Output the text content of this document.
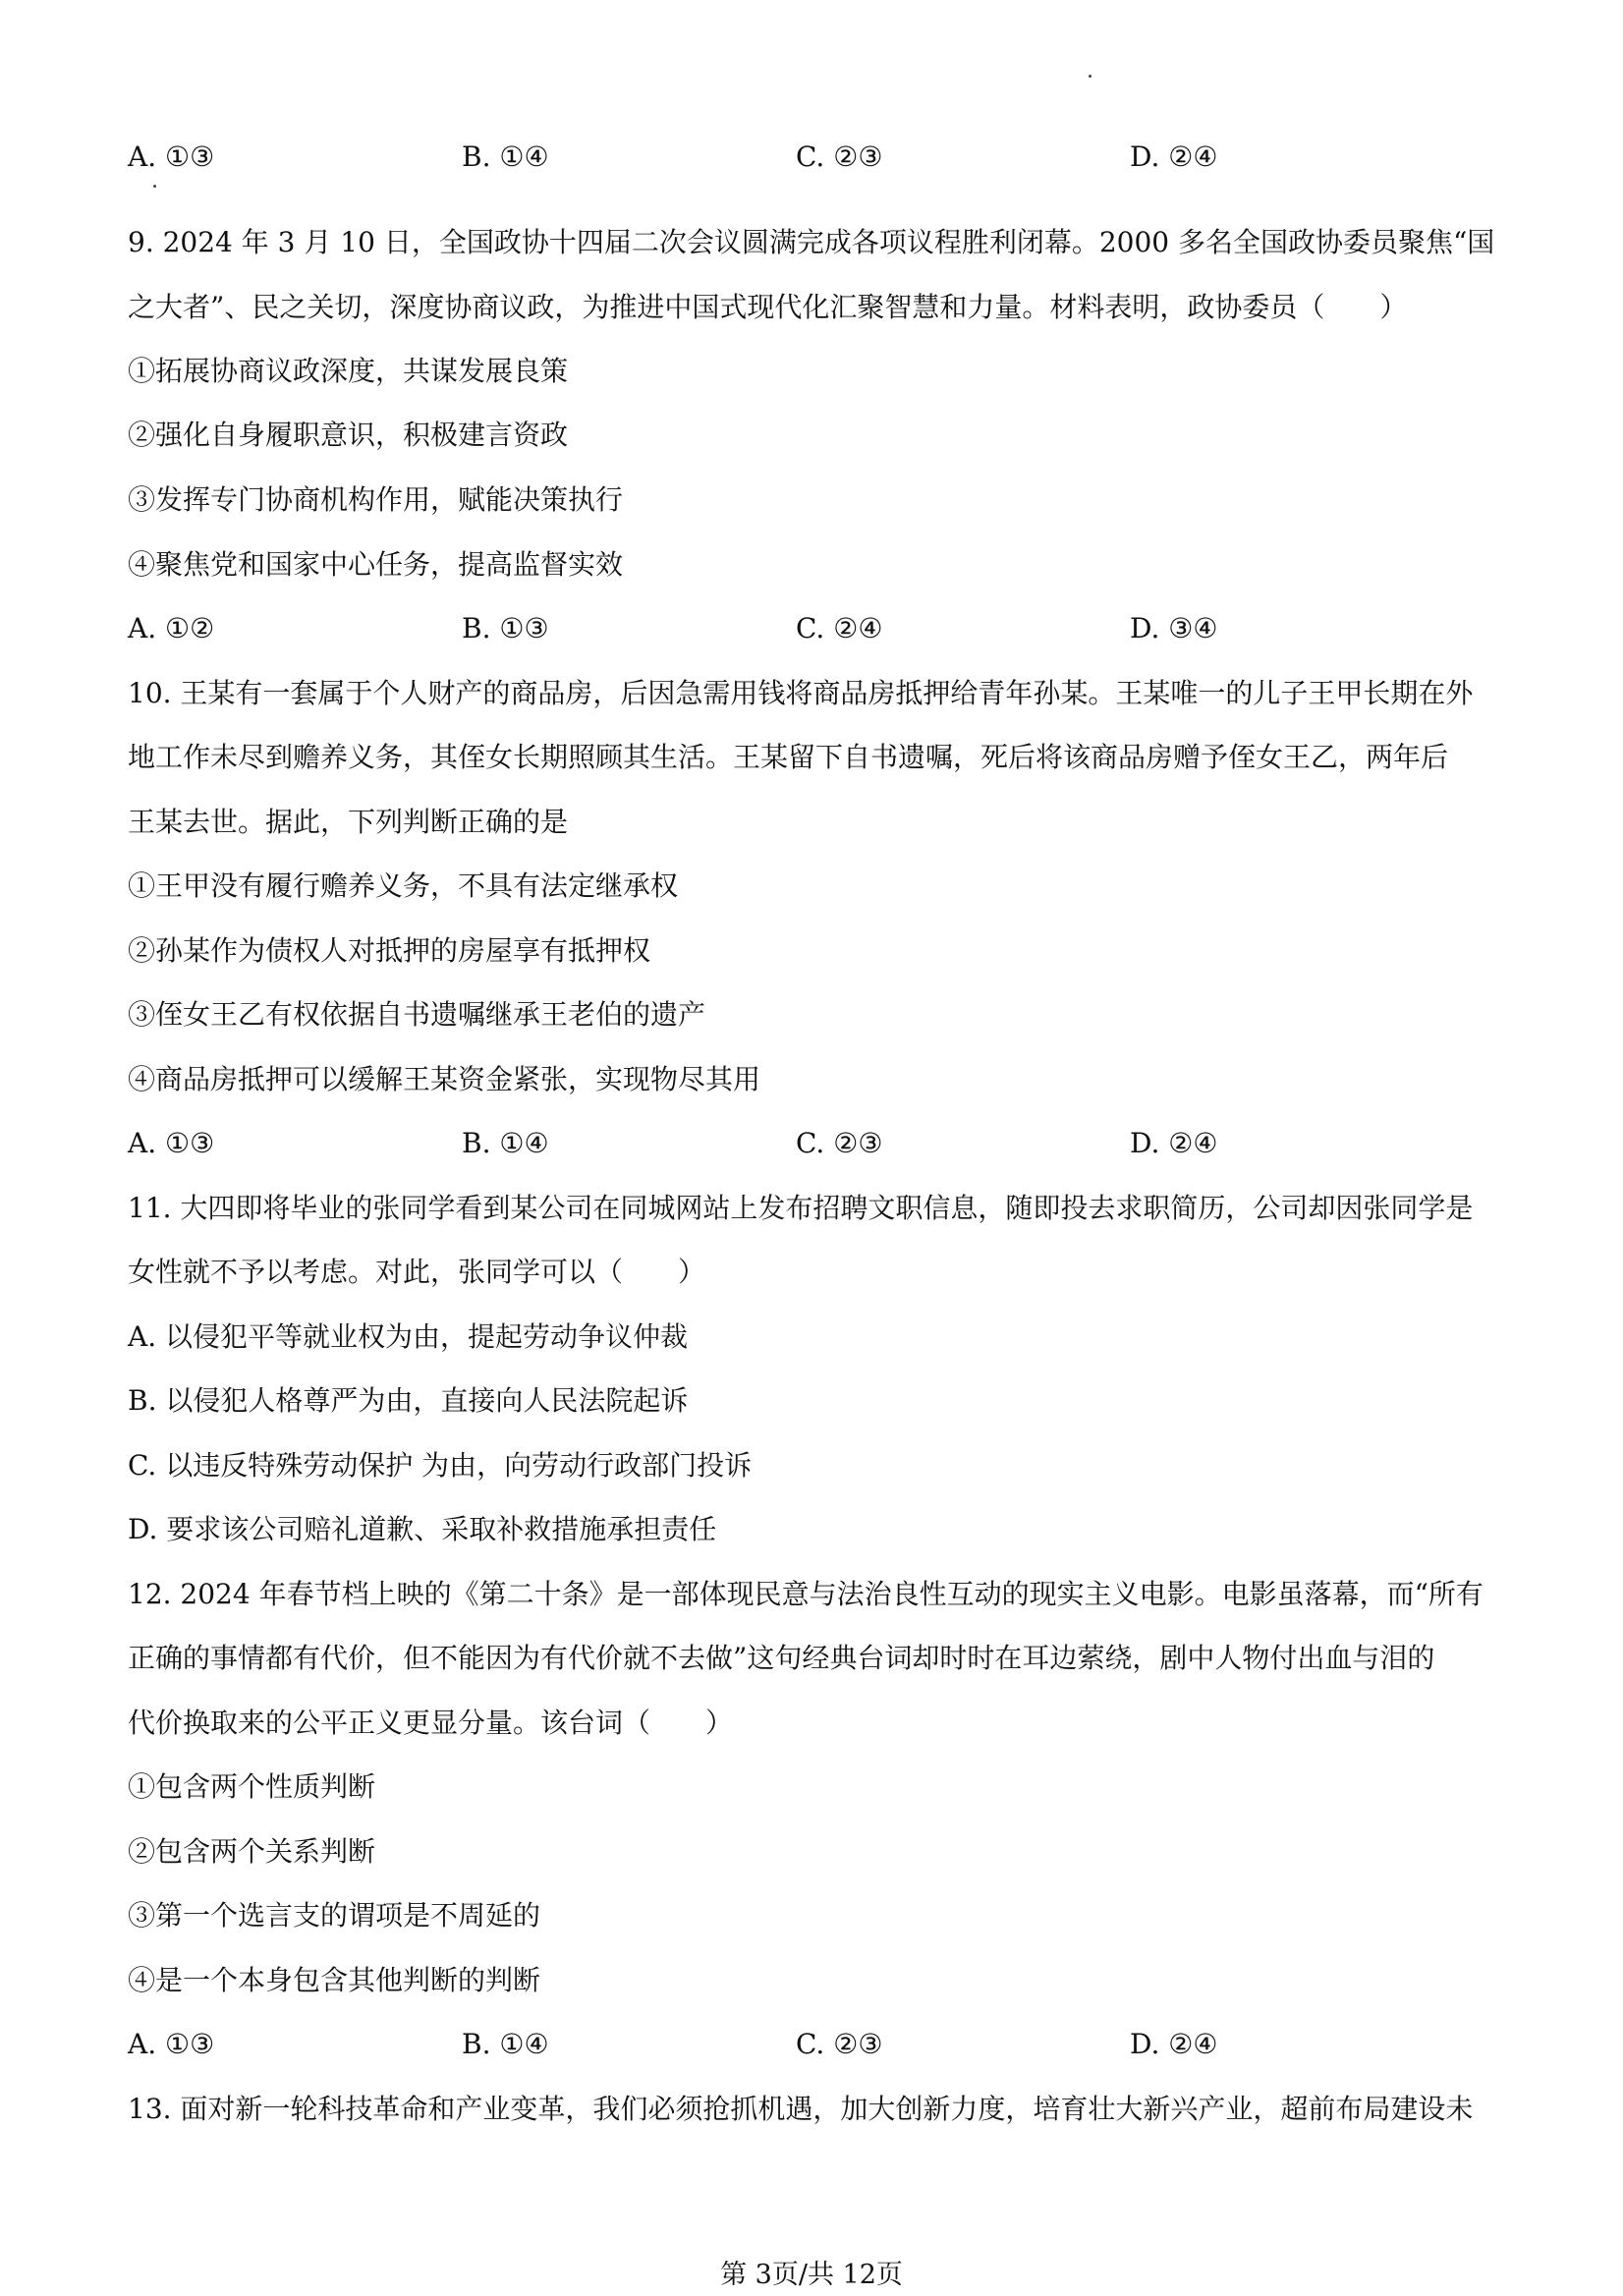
A. ①③	B. ①④	C. ②③	D. ②④
9. 2024 年 3 月 10 日，全国政协十四届二次会议圆满完成各项议程胜利闭幕。2000 多名全国政协委员聚焦“国
之大者”、民之关切，深度协商议政，为推进中国式现代化汇聚智慧和力量。材料表明，政协委员（　　）
①拓展协商议政深度，共谋发展良策
②强化自身履职意识，积极建言资政
③发挥专门协商机构作用，赋能决策执行
④聚焦党和国家中心任务，提高监督实效
A. ①②	B. ①③	C. ②④	D. ③④
10. 王某有一套属于个人财产的商品房，后因急需用钱将商品房抵押给青年孙某。王某唯一的儿子王甲长期在外
地工作未尽到赡养义务，其侄女长期照顾其生活。王某留下自书遗嘱，死后将该商品房赠予侄女王乙，两年后
王某去世。据此，下列判断正确的是
①王甲没有履行赡养义务，不具有法定继承权
②孙某作为债权人对抵押的房屋享有抵押权
③侄女王乙有权依据自书遗嘱继承王老伯的遗产
④商品房抵押可以缓解王某资金紧张，实现物尽其用
A. ①③	B. ①④	C. ②③	D. ②④
11. 大四即将毕业的张同学看到某公司在同城网站上发布招聘文职信息，随即投去求职简历，公司却因张同学是
女性就不予以考虑。对此，张同学可以（　　）
A. 以侵犯平等就业权为由，提起劳动争议仲裁
B. 以侵犯人格尊严为由，直接向人民法院起诉
C. 以违反特殊劳动保护 为由，向劳动行政部门投诉
D. 要求该公司赔礼道歉、采取补救措施承担责任
12. 2024 年春节档上映的《第二十条》是一部体现民意与法治良性互动的现实主义电影。电影虽落幕，而“所有
正确的事情都有代价，但不能因为有代价就不去做”这句经典台词却时时在耳边萦绕，剧中人物付出血与泪的
代价换取来的公平正义更显分量。该台词（　　）
①包含两个性质判断
②包含两个关系判断
③第一个选言支的谓项是不周延的
④是一个本身包含其他判断的判断
A. ①③	B. ①④	C. ②③	D. ②④
13. 面对新一轮科技革命和产业变革，我们必须抢抓机遇，加大创新力度，培育壮大新兴产业，超前布局建设未
第 3页/共 12页
